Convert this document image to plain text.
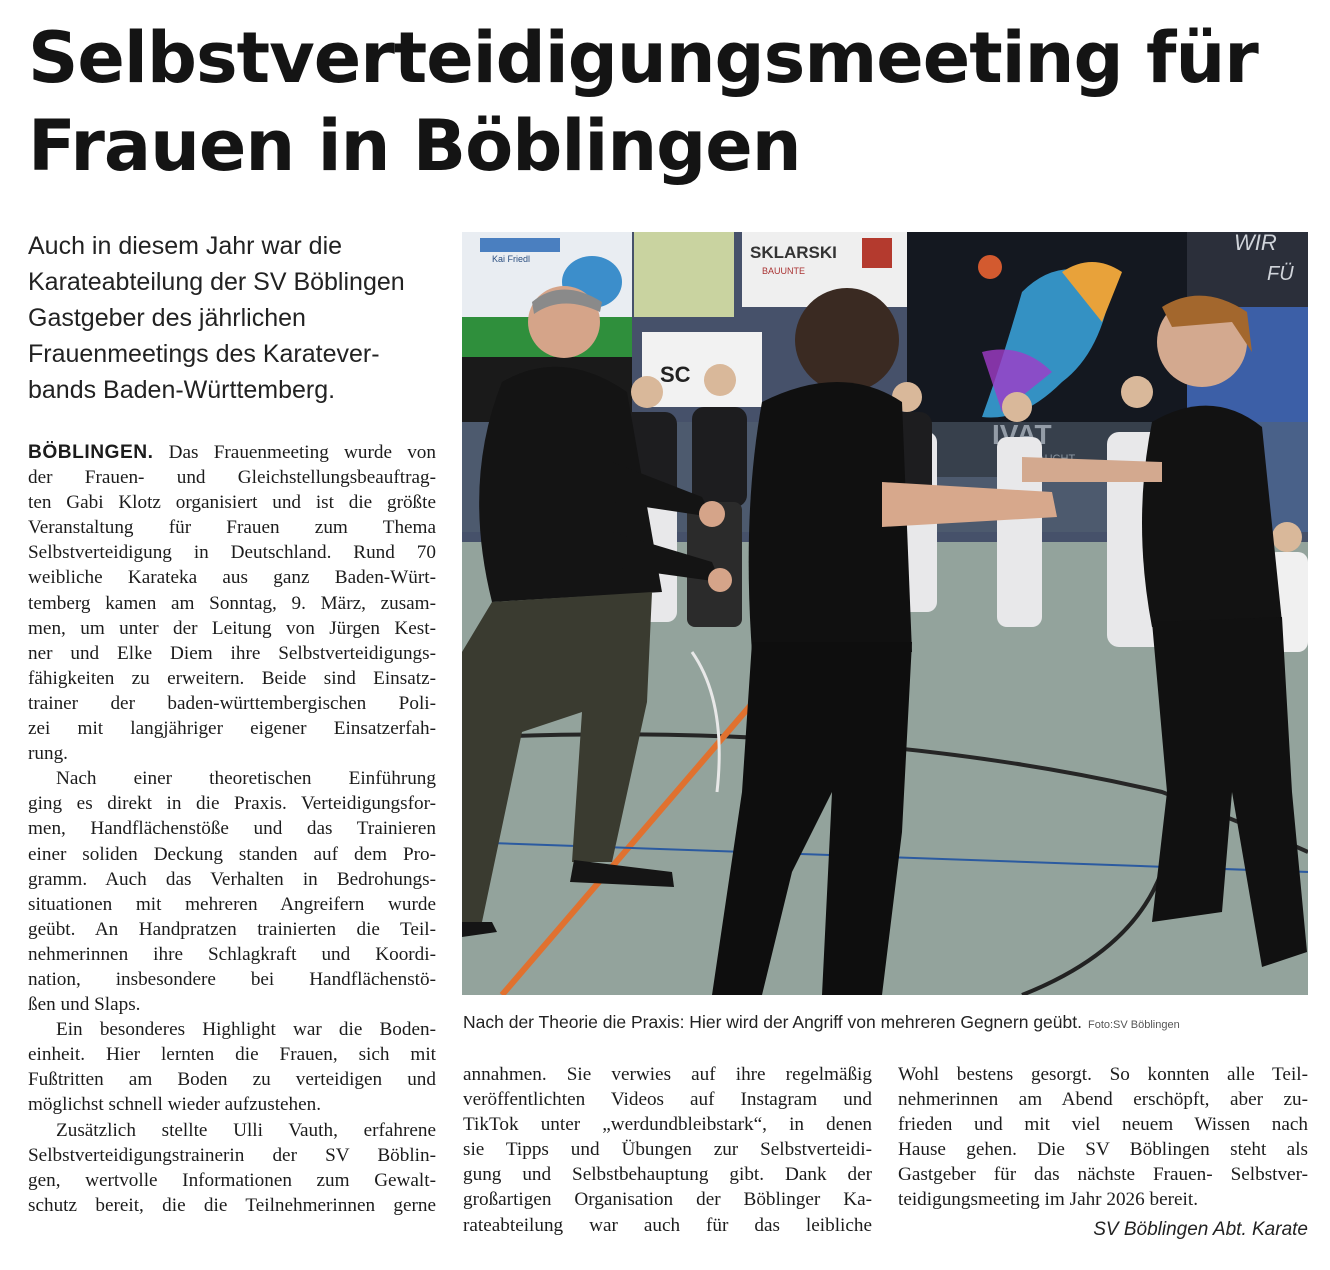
Selbstverteidigungsmeeting für
Frauen in Böblingen
Auch in diesem Jahr war die
Karateabteilung der SV Böblingen
Gastgeber des jährlichen
Frauenmeetings des Karatever-
bands Baden-Württemberg.
BÖBLINGEN. Das Frauenmeeting wurde von
der Frauen- und Gleichstellungsbeauftrag-
ten Gabi Klotz organisiert und ist die größte
Veranstaltung für Frauen zum Thema
Selbstverteidigung in Deutschland. Rund 70
weibliche Karateka aus ganz Baden-Würt-
temberg kamen am Sonntag, 9. März, zusam-
men, um unter der Leitung von Jürgen Kest-
ner und Elke Diem ihre Selbstverteidigungs-
fähigkeiten zu erweitern. Beide sind Einsatz-
trainer der baden-württembergischen Poli-
zei mit langjähriger eigener Einsatzerfah-
rung.
Nach einer theoretischen Einführung
ging es direkt in die Praxis. Verteidigungsfor-
men, Handflächenstöße und das Trainieren
einer soliden Deckung standen auf dem Pro-
gramm. Auch das Verhalten in Bedrohungs-
situationen mit mehreren Angreifern wurde
geübt. An Handpratzen trainierten die Teil-
nehmerinnen ihre Schlagkraft und Koordi-
nation, insbesondere bei Handflächenstö-
ßen und Slaps.
Ein besonderes Highlight war die Boden-
einheit. Hier lernten die Frauen, sich mit
Fußtritten am Boden zu verteidigen und
möglichst schnell wieder aufzustehen.
Zusätzlich stellte Ulli Vauth, erfahrene
Selbstverteidigungstrainerin der SV Böblin-
gen, wertvolle Informationen zum Gewalt-
schutz bereit, die die Teilnehmerinnen gerne
Kai Friedl	SKLARSKI
BAUUNTE
SC
WIR
FÜ
Nach der Theorie die Praxis: Hier wird der Angriff von mehreren Gegnern geübt. Foto:SV Böblingen
annahmen. Sie verwies auf ihre regelmäßig
veröffentlichten Videos auf Instagram und
TikTok unter „werdundbleibstark“, in denen
sie Tipps und Übungen zur Selbstverteidi-
gung und Selbstbehauptung gibt. Dank der
großartigen Organisation der Böblinger Ka-
rateabteilung war auch für das leibliche
Wohl bestens gesorgt. So konnten alle Teil-
nehmerinnen am Abend erschöpft, aber zu-
frieden und mit viel neuem Wissen nach
Hause gehen. Die SV Böblingen steht als
Gastgeber für das nächste Frauen- Selbstver-
teidigungsmeeting im Jahr 2026 bereit.
SV Böblingen Abt. Karate
